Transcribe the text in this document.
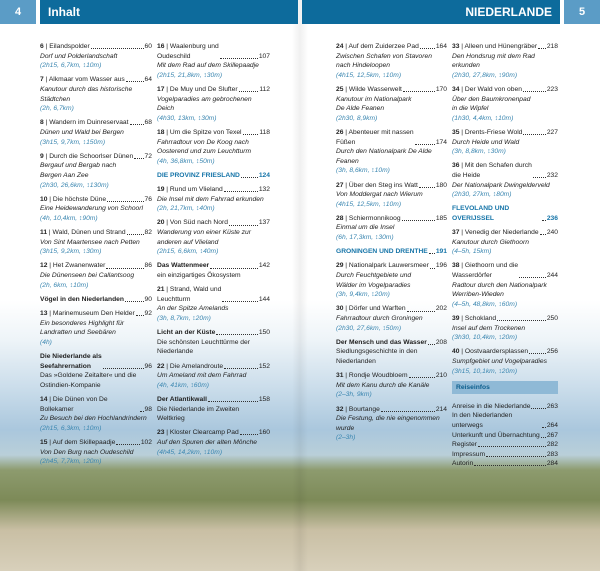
4	Inhalt	NIEDERLANDE	5
6 | Eilandspolder	60
Dorf und Polderlandschaft
(2h15, 6,7km, ↕10m)
7 | Alkmaar vom Wasser aus	64
Kanutour durch das historische
Städtchen
(2h, 6,7km)
8 | Wandern im Duinreservaat 68
Dünen und Wald bei Bergen
(3h15, 9,7km, ↕150m)
9 | Durch die Schoorlser Dünen 72
Bergauf und Bergab nach
Bergen Aan Zee
(2h30, 26,6km, ↕130m)
10 | Die höchste Düne	76
Eine Heidewanderung von Schoorl
(4h, 10,4km, ↕90m)
11 | Wald, Dünen und Strand	82
Von Sint Maartensee nach Petten
(3h15, 9,2km, ↕30m)
12 | Het Zwanenwater	86
Die Dünenseen bei Callantsoog
(2h, 6km, ↕10m)
Vögel in den Niederlanden	90
13 | Marinemuseum Den Helder 92
Ein besonderes Highlight für
Landratten und Seebären
(4h)
Die Niederlande als
Seefahrernation	96
Das »Goldene Zeitalter« und die
Ostindien-Kompanie
14 | Die Dünen von De Bollekamer	98
Zu Besuch bei den Hochlandrindern
(2h15, 6,3km, ↕10m)
15 | Auf dem Skillepaadje	102
Von Den Burg nach Oudeschild
(2h45, 7,7km, ↕20m)
16 | Waalenburg und
Oudeschild	107
Mit dem Rad auf dem Skillepaadje
(2h15, 21,8km, ↕30m)
17 | De Muy und De Slufter	112
Vogelparadies am gebrochenen Deich
(4h30, 13km, ↕30m)
18 | Um die Spitze von Texel	118
Fahrradtour von De Koog nach
Oosterend und zum Leuchtturm
(4h, 36,8km, ↕50m)
DIE PROVINZ FRIESLAND	124
19 | Rund um Vlieland	132
Die Insel mit dem Fahrrad erkunden
(2h, 21,7km, ↕40m)
20 | Von Süd nach Nord	137
Wanderung von einer Küste zur
anderen auf Vlieland
(2h15, 6,6km, ↕40m)
Das Wattenmeer	142
ein einzigartiges Ökosystem
21 | Strand, Wald und
Leuchtturm	144
An der Spitze Amelands
(3h, 8,7km, ↕20m)
Licht an der Küste	150
Die schönsten Leuchttürme der
Niederlande
22 | Die Amelandroute	152
Um Ameland mit dem Fahrrad
(4h, 41km, ↕60m)
Der Atlantikwall	158
Die Niederlande im Zweiten
Weltkrieg
23 | Kloster Clearcamp Pad	160
Auf den Spuren der alten Mönche
(4h45, 14,2km, ↕10m)
24 | Auf dem Zuiderzee Pad	164
Zwischen Schafen von Stavoren
nach Hindeloopen
(4h15, 12,5km, ↕10m)
25 | Wilde Wasserwelt	170
Kanutour im Nationalpark
De Alde Feanen
(2h30, 8,9km)
26 | Abenteuer mit nassen
Füßen	174
Durch den Nationalpark De Alde Feanen
(3h, 8,6km, ↕10m)
27 | Über den Steg ins Watt	180
Von Moddergat nach Wierum
(4h15, 12,5km, ↕10m)
28 | Schiermonnikoog	185
Einmal um die Insel
(6h, 17,3km, ↕30m)
GRONINGEN UND DRENTHE 191
29 | Nationalpark Lauwersmeer 196
Durch Feuchtgebiete und
Wälder im Vogelparadies
(3h, 9,4km, ↕20m)
30 | Dörfer und Warften	202
Fahrradtour durch Groningen
(2h30, 27,6km, ↕50m)
Der Mensch und das Wasser 208
Siedlungsgeschichte in den
Niederlanden
31 | Rondje Woudbloem	210
Mit dem Kanu durch die Kanäle
(2–3h, 9km)
32 | Bourtange	214
Die Festung, die nie eingenommen
wurde
(2–3h)
33 | Alleen und Hünengräber 218
Den Hondsrug mit dem Rad erkunden
(2h30, 27,8km, ↕90m)
34 | Der Wald von oben	223
Über den Baumkronenpad
in die Wipfel
(1h30, 4,4km, ↕10m)
35 | Drents-Friese Wold	227
Durch Heide und Wald
(3h, 8,8km, ↕30m)
36 | Mit den Schafen durch
die Heide	232
Der Nationalpark Dwingelderveld
(2h30, 27km, ↕80m)
FLEVOLAND UND OVERIJSSEL	236
37 | Venedig der Niederlande 240
Kanutour durch Giethoorn
(4–5h, 15km)
38 | Giethoorn und die
Wasserdörfer	244
Radtour durch den Nationalpark
Werriben-Wieden
(4–5h, 48,8km, ↕60m)
39 | Schokland	250
Insel auf dem Trockenen
(3h30, 10,4km, ↕20m)
40 | Oostvaardersplassen	256
Sumpfgebiet und Vogelparadies
(3h15, 10,1km, ↕20m)
Reiseinfos
Anreise in die Niederlande 263
In den Niederlanden unterwegs	264
Unterkunft und Übernachtung 267
Register	282
Impressum	283
Autorin	284
